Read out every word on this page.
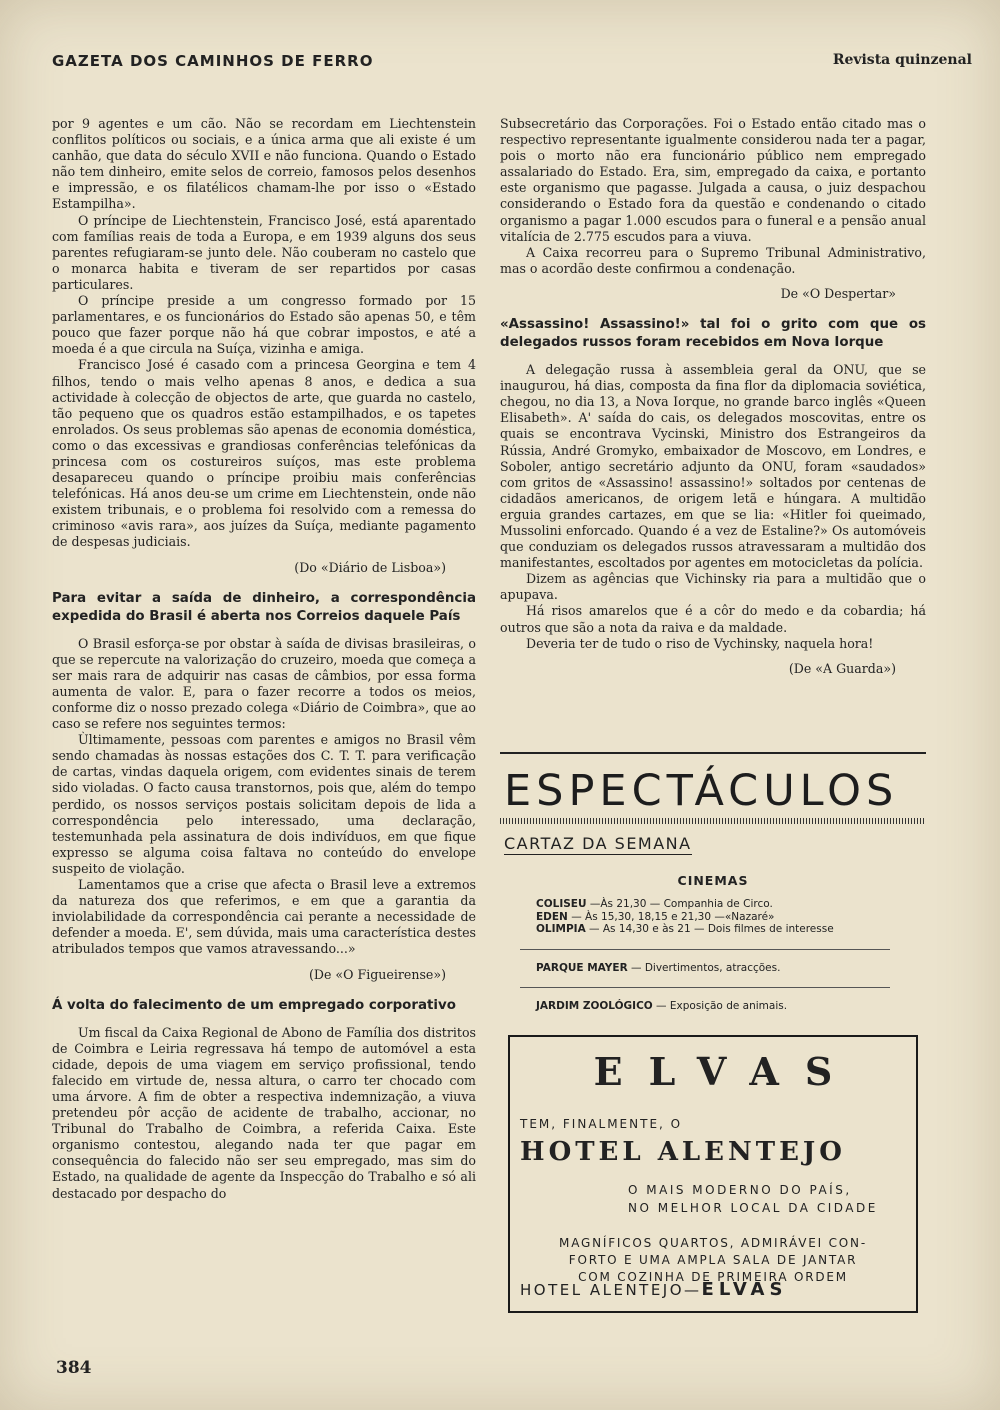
GAZETA DOS CAMINHOS DE FERRO	Revista quinzenal

por 9 agentes e um cão. Não se recordam em Liechtenstein conflitos políticos ou sociais, e a única arma que ali existe é um canhão, que data do século XVII e não funciona. Quando o Estado não tem dinheiro, emite selos de correio, famosos pelos desenhos e impressão, e os filatélicos chamam-lhe por isso o «Estado Estampilha».

O príncipe de Liechtenstein, Francisco José, está aparentado com famílias reais de toda a Europa, e em 1939 alguns dos seus parentes refugiaram-se junto dele. Não couberam no castelo que o monarca habita e tiveram de ser repartidos por casas particulares.

O príncipe preside a um congresso formado por 15 parlamentares, e os funcionários do Estado são apenas 50, e têm pouco que fazer porque não há que cobrar impostos, e até a moeda é a que circula na Suíça, vizinha e amiga.

Francisco José é casado com a princesa Georgina e tem 4 filhos, tendo o mais velho apenas 8 anos, e dedica a sua actividade à colecção de objectos de arte, que guarda no castelo, tão pequeno que os quadros estão estampilhados, e os tapetes enrolados. Os seus problemas são apenas de economia doméstica, como o das excessivas e grandiosas conferências telefónicas da princesa com os costureiros suíços, mas este problema desapareceu quando o príncipe proibiu mais conferências telefónicas. Há anos deu-se um crime em Liechtenstein, onde não existem tribunais, e o problema foi resolvido com a remessa do criminoso «avis rara», aos juízes da Suíça, mediante pagamento de despesas judiciais.

(Do «Diário de Lisboa»)
Para evitar a saída de dinheiro, a correspondência expedida do Brasil é aberta nos Correios daquele País

O Brasil esforça-se por obstar à saída de divisas brasileiras, o que se repercute na valorização do cruzeiro, moeda que começa a ser mais rara de adquirir nas casas de câmbios, por essa forma aumenta de valor. E, para o fazer recorre a todos os meios, conforme diz o nosso prezado colega «Diário de Coimbra», que ao caso se refere nos seguintes termos:

Ùltimamente, pessoas com parentes e amigos no Brasil vêm sendo chamadas às nossas estações dos C. T. T. para verificação de cartas, vindas daquela origem, com evidentes sinais de terem sido violadas. O facto causa transtornos, pois que, além do tempo perdido, os nossos serviços postais solicitam depois de lida a correspondência pelo interessado, uma declaração, testemunhada pela assinatura de dois indivíduos, em que fique expresso se alguma coisa faltava no conteúdo do envelope suspeito de violação.

Lamentamos que a crise que afecta o Brasil leve a extremos da natureza dos que referimos, e em que a garantia da inviolabilidade da correspondência cai perante a necessidade de defender a moeda. E', sem dúvida, mais uma característica destes atribulados tempos que vamos atravessando...»

(De «O Figueirense»)
Á volta do falecimento de um empregado corporativo

Um fiscal da Caixa Regional de Abono de Família dos distritos de Coimbra e Leiria regressava há tempo de automóvel a esta cidade, depois de uma viagem em serviço profissional, tendo falecido em virtude de, nessa altura, o carro ter chocado com uma árvore. A fim de obter a respectiva indemnização, a viuva pretendeu pôr acção de acidente de trabalho, accionar, no Tribunal do Trabalho de Coimbra, a referida Caixa. Este organismo contestou, alegando nada ter que pagar em consequência do falecido não ser seu empregado, mas sim do Estado, na qualidade de agente da Inspecção do Trabalho e só ali destacado por despacho do

Subsecretário das Corporações. Foi o Estado então citado mas o respectivo representante igualmente considerou nada ter a pagar, pois o morto não era funcionário público nem empregado assalariado do Estado. Era, sim, empregado da caixa, e portanto este organismo que pagasse. Julgada a causa, o juiz despachou considerando o Estado fora da questão e condenando o citado organismo a pagar 1.000 escudos para o funeral e a pensão anual vitalícia de 2.775 escudos para a viuva.

A Caixa recorreu para o Supremo Tribunal Administrativo, mas o acordão deste confirmou a condenação.

De «O Despertar»
«Assassino! Assassino!» tal foi o grito com que os delegados russos foram recebidos em Nova Iorque

A delegação russa à assembleia geral da ONU, que se inaugurou, há dias, composta da fina flor da diplomacia soviética, chegou, no dia 13, a Nova Iorque, no grande barco inglês «Queen Elisabeth». A' saída do cais, os delegados moscovitas, entre os quais se encontrava Vycinski, Ministro dos Estrangeiros da Rússia, André Gromyko, embaixador de Moscovo, em Londres, e Soboler, antigo secretário adjunto da ONU, foram «saudados» com gritos de «Assassino! assassino!» soltados por centenas de cidadãos americanos, de origem letã e húngara. A multidão erguia grandes cartazes, em que se lia: «Hitler foi queimado, Mussolini enforcado. Quando é a vez de Estaline?» Os automóveis que conduziam os delegados russos atravessaram a multidão dos manifestantes, escoltados por agentes em motocicletas da polícia.

Dizem as agências que Vichinsky ria para a multidão que o apupava.

Há risos amarelos que é a côr do medo e da cobardia; há outros que são a nota da raiva e da maldade.

Deveria ter de tudo o riso de Vychinsky, naquela hora!

(De «A Guarda»)
ESPECTÁCULOS
CARTAZ DA SEMANA
CINEMAS
COLISEU —Às 21,30 — Companhia de Circo.
EDEN — Às 15,30, 18,15 e 21,30 —«Nazaré»
OLIMPIA — As 14,30 e às 21 — Dois filmes de interesse
PARQUE MAYER — Divertimentos, atracções.
JARDIM ZOOLÓGICO — Exposição de animais.
ELVAS
TEM, FINALMENTE, O
HOTEL ALENTEJO
O MAIS MODERNO DO PAÍS,
NO MELHOR LOCAL DA CIDADE
MAGNÍFICOS QUARTOS, ADMIRÁVEI CON-
FORTO E UMA AMPLA SALA DE JANTAR
COM COZINHA DE PRIMEIRA ORDEM
HOTEL ALENTEJO—ELVAS
384
